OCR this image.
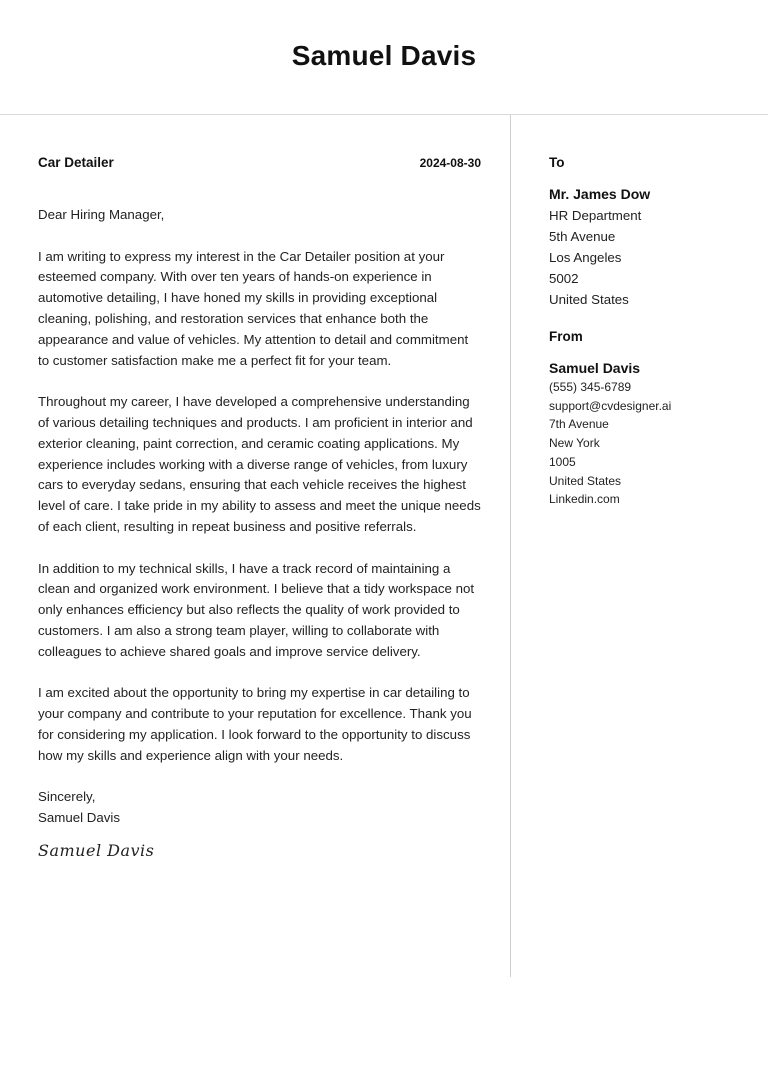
Samuel Davis
Car Detailer	2024-08-30

Dear Hiring Manager,

I am writing to express my interest in the Car Detailer position at your esteemed company. With over ten years of hands-on experience in automotive detailing, I have honed my skills in providing exceptional cleaning, polishing, and restoration services that enhance both the appearance and value of vehicles. My attention to detail and commitment to customer satisfaction make me a perfect fit for your team.

Throughout my career, I have developed a comprehensive understanding of various detailing techniques and products. I am proficient in interior and exterior cleaning, paint correction, and ceramic coating applications. My experience includes working with a diverse range of vehicles, from luxury cars to everyday sedans, ensuring that each vehicle receives the highest level of care. I take pride in my ability to assess and meet the unique needs of each client, resulting in repeat business and positive referrals.

In addition to my technical skills, I have a track record of maintaining a clean and organized work environment. I believe that a tidy workspace not only enhances efficiency but also reflects the quality of work provided to customers. I am also a strong team player, willing to collaborate with colleagues to achieve shared goals and improve service delivery.

I am excited about the opportunity to bring my expertise in car detailing to your company and contribute to your reputation for excellence. Thank you for considering my application. I look forward to the opportunity to discuss how my skills and experience align with your needs.

Sincerely,
Samuel Davis
Samuel Davis
To
Mr. James Dow
HR Department
5th Avenue
Los Angeles
5002
United States
From
Samuel Davis
(555) 345-6789
support@cvdesigner.ai
7th Avenue
New York
1005
United States
Linkedin.com
